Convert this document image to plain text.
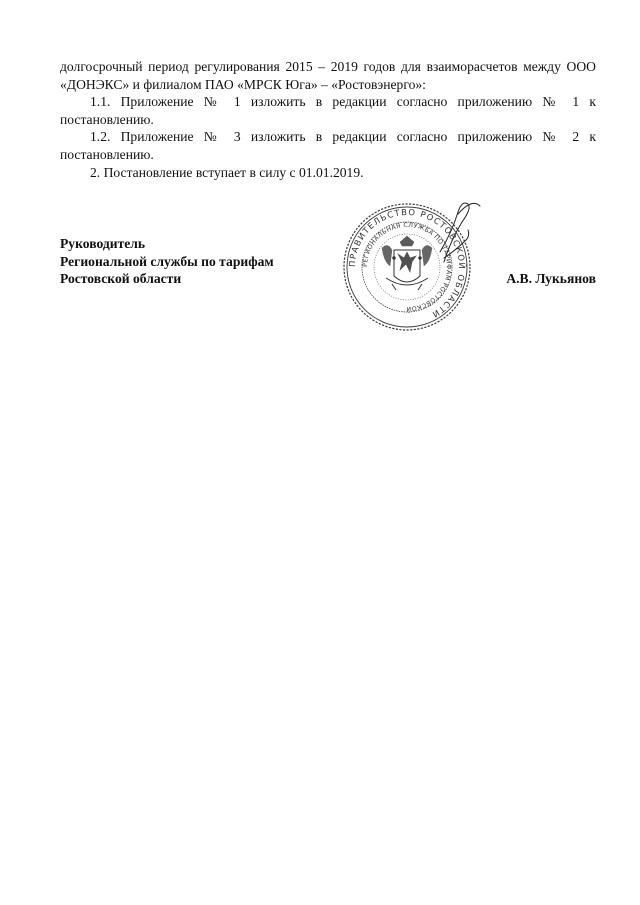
долгосрочный период регулирования 2015 – 2019 годов для взаиморасчетов между ООО «ДОНЭКС» и филиалом ПАО «МРСК Юга» – «Ростовэнерго»:

1.1. Приложение № 1 изложить в редакции согласно приложению № 1 к постановлению.

1.2. Приложение № 3 изложить в редакции согласно приложению № 2 к постановлению.

2. Постановление вступает в силу с 01.01.2019.

Руководитель
Региональной службы по тарифам
Ростовской области	А.В. Лукьянов
ПРАВИТЕЛЬСТВО РОСТОВСКОЙ ОБЛАСТИ
РЕГИОНАЛЬНАЯ СЛУЖБА ПО ТАРИФАМ РОСТОВСКОЙ
